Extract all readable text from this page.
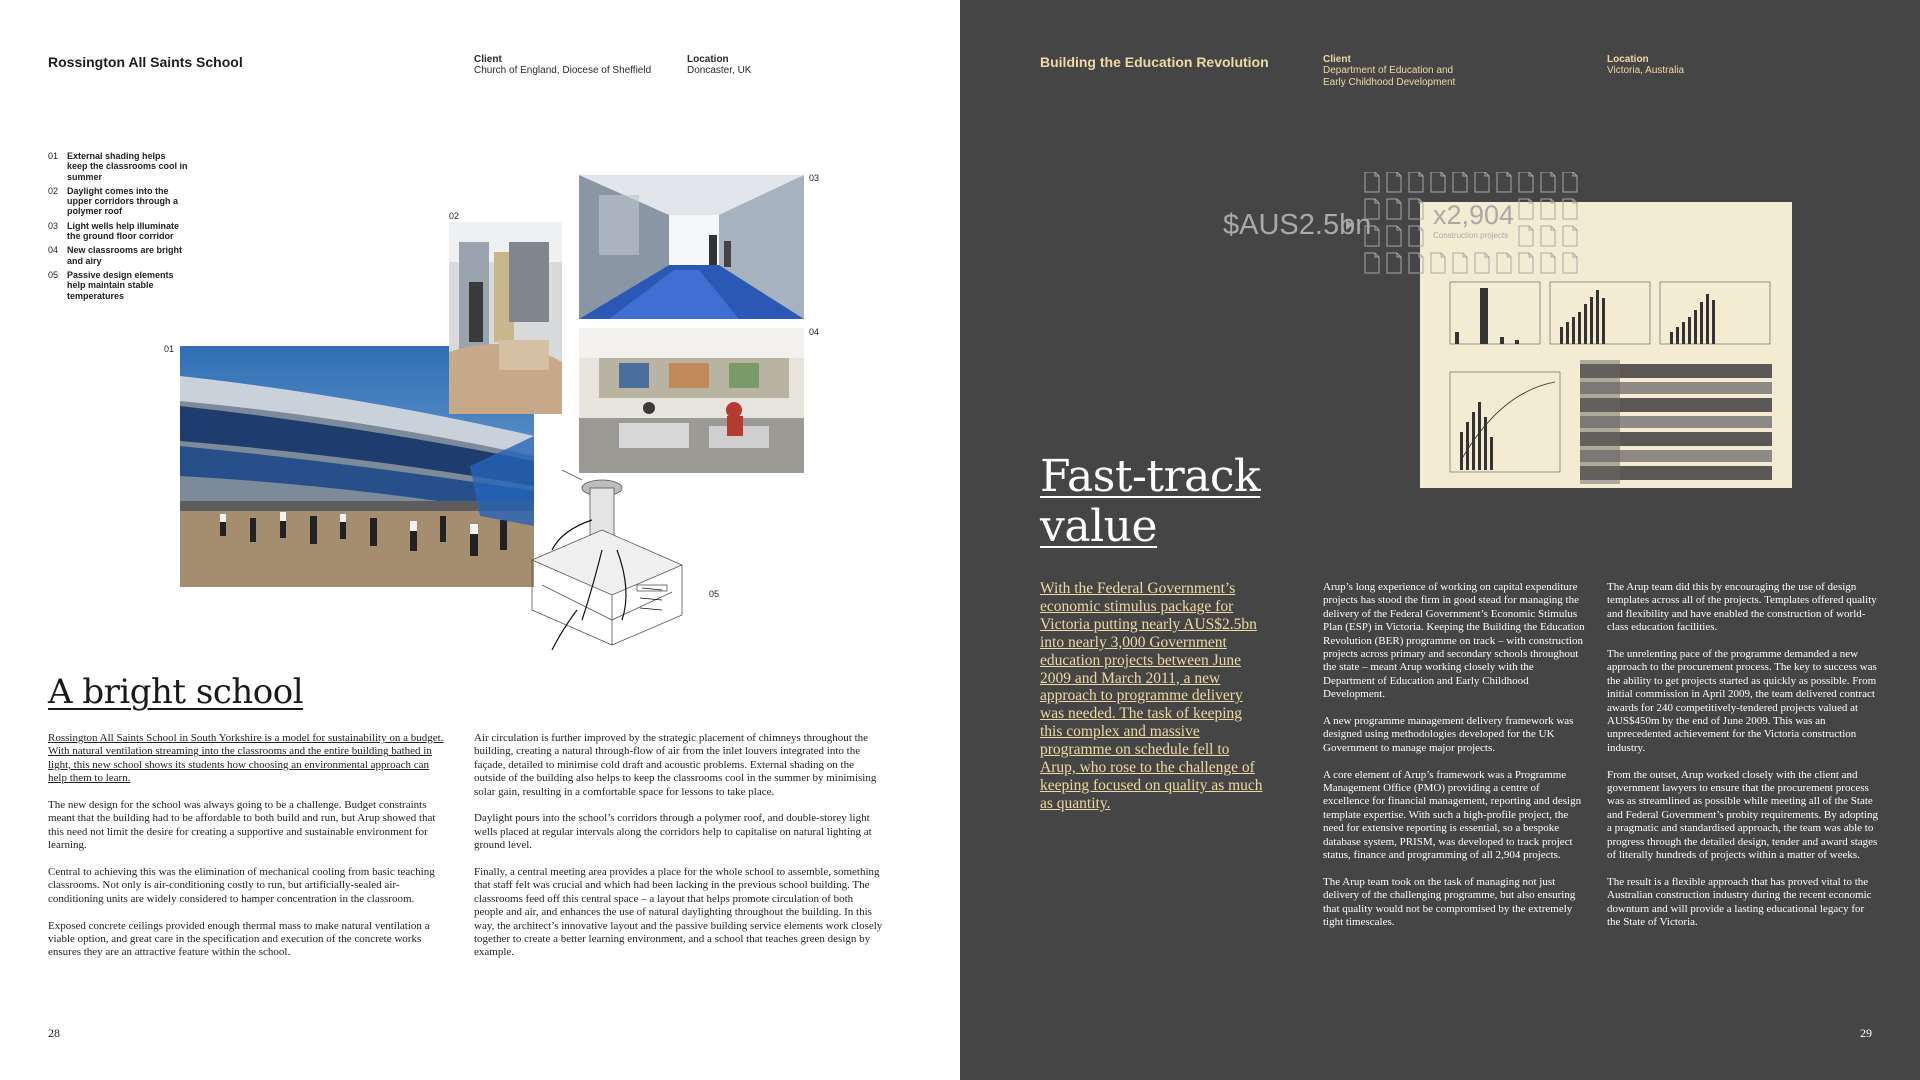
Rossington All Saints School	Client
Church of England, Diocese of Sheffield
Location
Doncaster, UK
01 External shading helps keep the classrooms cool in summer
02 Daylight comes into the upper corridors through a polymer roof
03 Light wells help illuminate the ground floor corridor
04 New classrooms are bright and airy
05 Passive design elements help maintain stable temperatures
01
02
03
04
05
A bright school

Rossington All Saints School in South Yorkshire is a model for sustainability on a budget. With natural ventilation streaming into the classrooms and the entire building bathed in light, this new school shows its students how choosing an environmental approach can help them to learn.

The new design for the school was always going to be a challenge. Budget constraints meant that the building had to be affordable to both build and run, but Arup showed that this need not limit the desire for creating a supportive and sustainable environment for learning.

Central to achieving this was the elimination of mechanical cooling from basic teaching classrooms. Not only is air-conditioning costly to run, but artificially-sealed air-conditioning units are widely considered to hamper concentration in the classroom.

Exposed concrete ceilings provided enough thermal mass to make natural ventilation a viable option, and great care in the specification and execution of the concrete works ensures they are an attractive feature within the school.

Air circulation is further improved by the strategic placement of chimneys throughout the building, creating a natural through-flow of air from the inlet louvers integrated into the façade, detailed to minimise cold draft and acoustic problems. External shading on the outside of the building also helps to keep the classrooms cool in the summer by minimising solar gain, resulting in a comfortable space for lessons to take place.

Daylight pours into the school’s corridors through a polymer roof, and double-storey light wells placed at regular intervals along the corridors help to capitalise on natural lighting at ground level.

Finally, a central meeting area provides a place for the whole school to assemble, something that staff felt was crucial and which had been lacking in the previous school building. The classrooms feed off this central space – a layout that helps promote circulation of both people and air, and enhances the use of natural daylighting throughout the building. In this way, the architect’s innovative layout and the passive building service elements work closely together to create a better learning environment, and a school that teaches green design by example.

28
Building the Education Revolution	Client
Department of Education and
Early Childhood Development
Location
Victoria, Australia
$AUS2.5bn x2,904
Construction projects
Fast-track value
With the Federal Government’s economic stimulus package for Victoria putting nearly AUS$2.5bn into nearly 3,000 Government education projects between June 2009 and March 2011, a new approach to programme delivery was needed. The task of keeping this complex and massive programme on schedule fell to Arup, who rose to the challenge of keeping focused on quality as much as quantity.

Arup’s long experience of working on capital expenditure projects has stood the firm in good stead for managing the delivery of the Federal Government’s Economic Stimulus Plan (ESP) in Victoria. Keeping the Building the Education Revolution (BER) programme on track – with construction projects across primary and secondary schools throughout the state – meant Arup working closely with the Department of Education and Early Childhood Development.

A new programme management delivery framework was designed using methodologies developed for the UK Government to manage major projects.

A core element of Arup’s framework was a Programme Management Office (PMO) providing a centre of excellence for financial management, reporting and design template expertise. With such a high-profile project, the need for extensive reporting is essential, so a bespoke database system, PRISM, was developed to track project status, finance and programming of all 2,904 projects.

The Arup team took on the task of managing not just delivery of the challenging programme, but also ensuring that quality would not be compromised by the extremely tight timescales.

The Arup team did this by encouraging the use of design templates across all of the projects. Templates offered quality and flexibility and have enabled the construction of world-class education facilities.

The unrelenting pace of the programme demanded a new approach to the procurement process. The key to success was the ability to get projects started as quickly as possible. From initial commission in April 2009, the team delivered contract awards for 240 competitively-tendered projects valued at AUS$450m by the end of June 2009. This was an unprecedented achievement for the Victoria construction industry.

From the outset, Arup worked closely with the client and government lawyers to ensure that the procurement process was as streamlined as possible while meeting all of the State and Federal Government’s probity requirements. By adopting a pragmatic and standardised approach, the team was able to progress through the detailed design, tender and award stages of literally hundreds of projects within a matter of weeks.

The result is a flexible approach that has proved vital to the Australian construction industry during the recent economic downturn and will provide a lasting educational legacy for the State of Victoria.

29
